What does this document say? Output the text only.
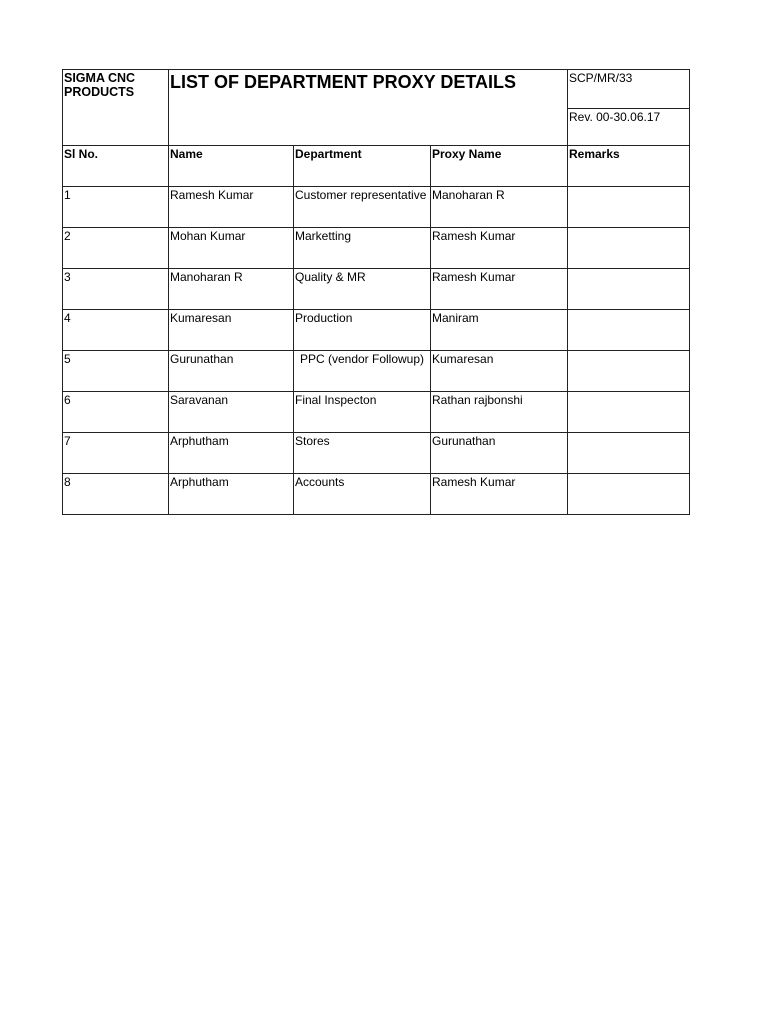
SIGMA CNC PRODUCTS	LIST OF DEPARTMENT PROXY DETAILS			SCP/MR/33
				Rev. 00-30.06.17
Sl No.	Name	Department	Proxy Name	Remarks
1	Ramesh Kumar	Customer representative	Manoharan R	
2	Mohan Kumar	Marketting	Ramesh Kumar	
3	Manoharan R	Quality & MR	Ramesh Kumar	
4	Kumaresan	Production	Maniram	
5	Gurunathan	PPC (vendor Followup)	Kumaresan	
6	Saravanan	Final Inspecton	Rathan rajbonshi	
7	Arphutham	Stores	Gurunathan	
8	Arphutham	Accounts	Ramesh Kumar	
